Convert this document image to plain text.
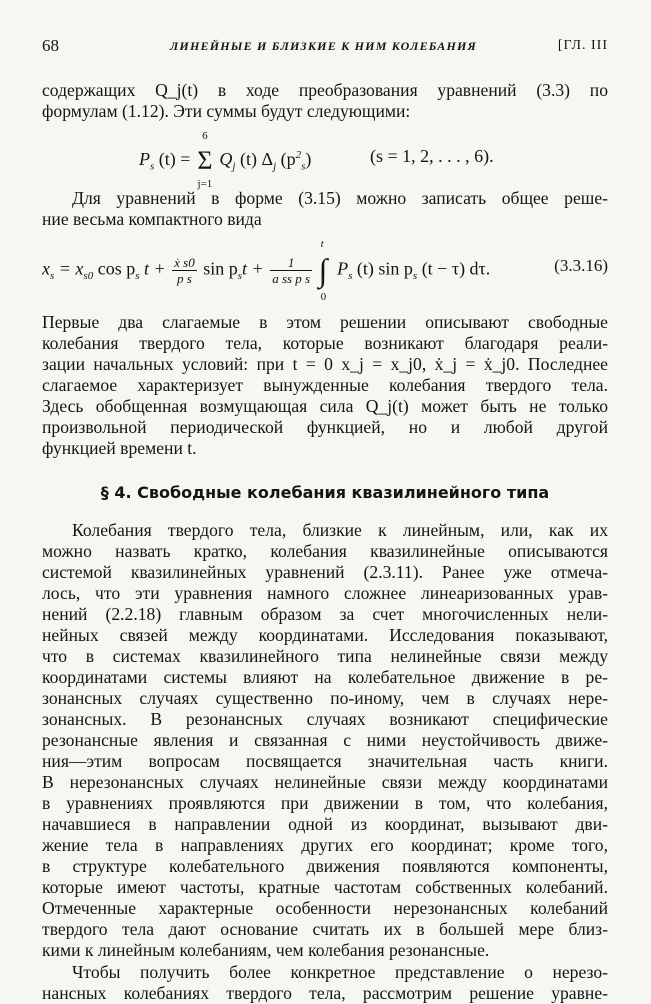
68	ЛИНЕЙНЫЕ И БЛИЗКИЕ К НИМ КОЛЕБАНИЯ	[ГЛ. III
содержащих Q_j(t) в ходе преобразования уравнений (3.3) по
формулам (1.12). Эти суммы будут следующими:
$P_s$ (t) = Σ
6
j=1
$Q_j$ (t) $\Delta_j$ $(p^2_s)$	(s = 1, 2, . . . , 6).
Для уравнений в форме (3.15) можно записать общее реше-
ние весьма компактного вида
$x_s = x_{s0}$ $\cos p_s$ $t + \frac{\text{ẋ s0}}{\text{p s}}$ $\sin p_st + \frac{1}{\text{a ss p s}}$ ∫
t
0
$P_s$ (t) $\sin p_s$ (t − τ) dτ.	(3.3.16)
Первые два слагаемые в этом решении описывают свободные
колебания твердого тела, которые возникают благодаря реали-
зации начальных условий: при t = 0 x_j = x_j0, ẋ_j = ẋ_j0. Последнее
слагаемое характеризует вынужденные колебания твердого тела.
Здесь обобщенная возмущающая сила Q_j(t) может быть не только
произвольной периодической функцией, но и любой другой
функцией времени t.
§ 4. Свободные колебания квазилинейного типа
Колебания твердого тела, близкие к линейным, или, как их
можно назвать кратко, колебания квазилинейные описываются
системой квазилинейных уравнений (2.3.11). Ранее уже отмеча-
лось, что эти уравнения намного сложнее линеаризованных урав-
нений (2.2.18) главным образом за счет многочисленных нели-
нейных связей между координатами. Исследования показывают,
что в системах квазилинейного типа нелинейные связи между
координатами системы влияют на колебательное движение в ре-
зонансных случаях существенно по-иному, чем в случаях нере-
зонансных. В резонансных случаях возникают специфические
резонансные явления и связанная с ними неустойчивость движе-
ния—этим вопросам посвящается значительная часть книги.
В нерезонансных случаях нелинейные связи между координатами
в уравнениях проявляются при движении в том, что колебания,
начавшиеся в направлении одной из координат, вызывают дви-
жение тела в направлениях других его координат; кроме того,
в структуре колебательного движения появляются компоненты,
которые имеют частоты, кратные частотам собственных колебаний.
Отмеченные характерные особенности нерезонансных колебаний
твердого тела дают основание считать их в большей мере близ-
кими к линейным колебаниям, чем колебания резонансные.
Чтобы получить более конкретное представление о нерезо-
нансных колебаниях твердого тела, рассмотрим решение уравне-
